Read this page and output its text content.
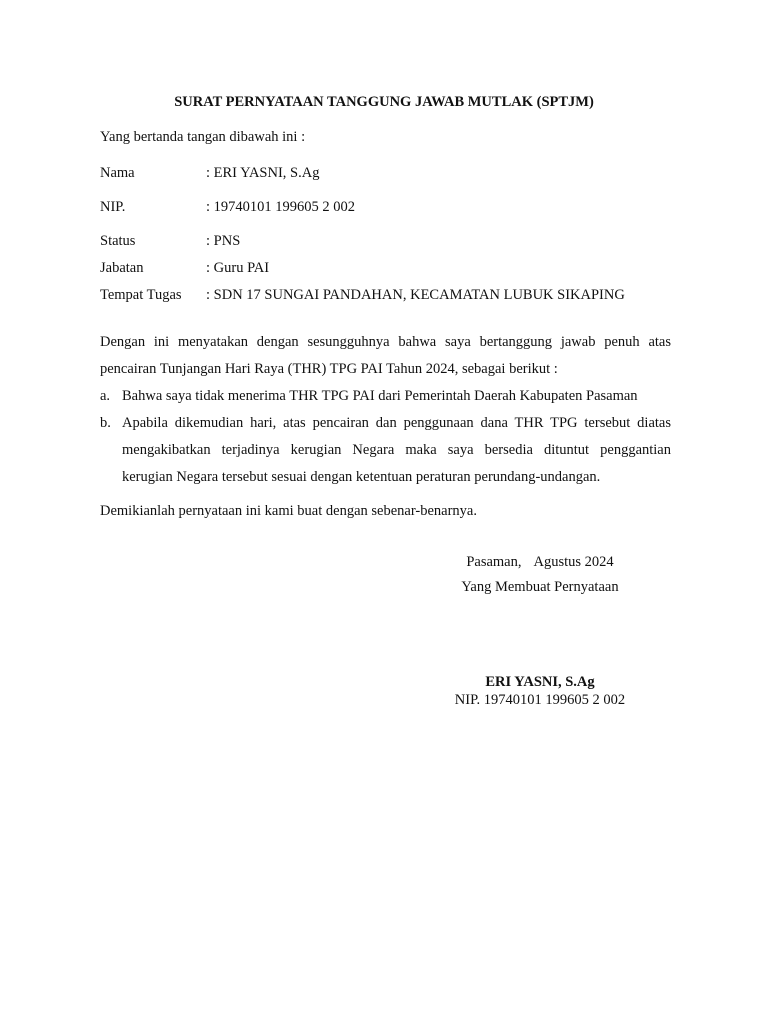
SURAT PERNYATAAN TANGGUNG JAWAB MUTLAK (SPTJM)
Yang bertanda tangan dibawah ini :
Nama	: ERI YASNI, S.Ag
NIP.	: 19740101 199605 2 002
Status	: PNS
Jabatan	: Guru PAI
Tempat Tugas : SDN 17 SUNGAI PANDAHAN, KECAMATAN LUBUK SIKAPING
Dengan ini menyatakan dengan sesungguhnya bahwa saya bertanggung jawab penuh atas
pencairan Tunjangan Hari Raya (THR) TPG PAI Tahun 2024, sebagai berikut :
a. Bahwa saya tidak menerima THR TPG PAI dari Pemerintah Daerah Kabupaten Pasaman
b. Apabila dikemudian hari, atas pencairan dan penggunaan dana THR TPG tersebut diatas
mengakibatkan terjadinya kerugian Negara maka saya bersedia dituntut penggantian
kerugian Negara tersebut sesuai dengan ketentuan peraturan perundang-undangan.
Demikianlah pernyataan ini kami buat dengan sebenar-benarnya.
Pasaman, Agustus 2024
Yang Membuat Pernyataan
ERI YASNI, S.Ag
NIP. 19740101 199605 2 002
